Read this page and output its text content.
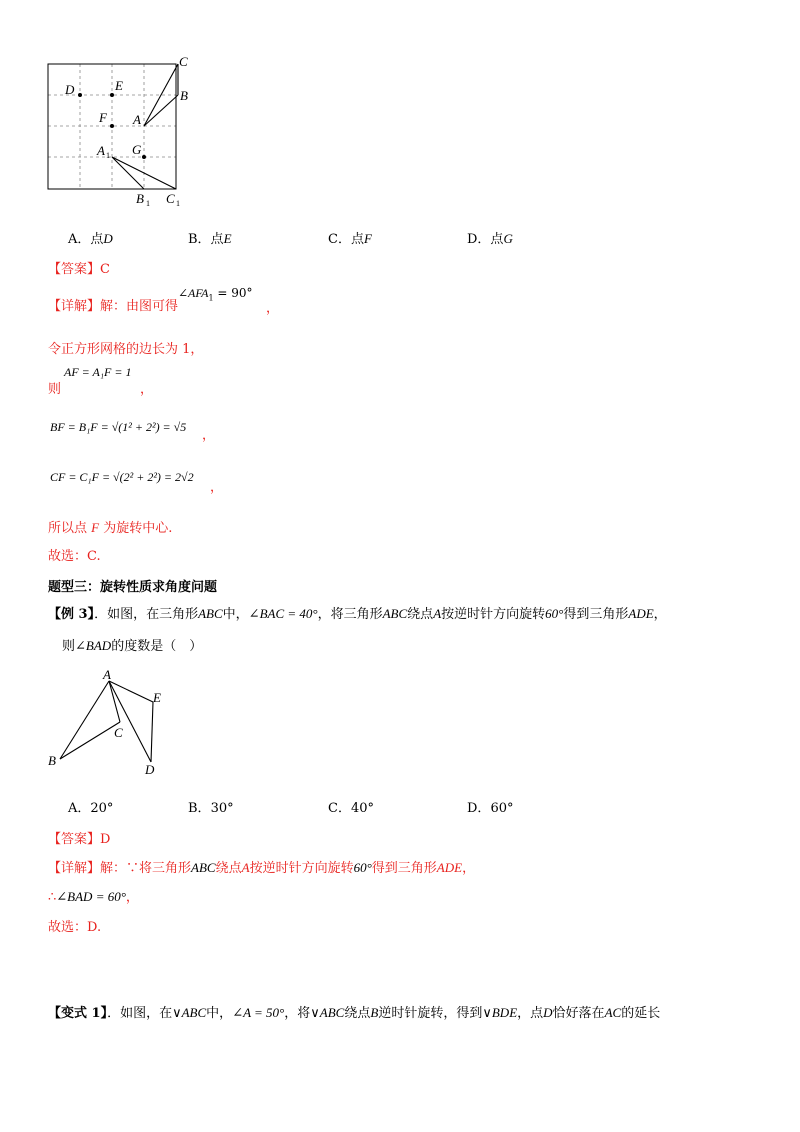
C
B
D	E
F A
A 1 G
B 1 C 1
A．点D	B．点E	C．点F	D．点G
【答案】C
【详解】解：由图可得
$\angle AFA_1 = 90^\circ$
，
令正方形网格的边长为 1，
则
AF = A₁F = 1
，
BF = B₁F = √(1² + 2²) = √5
，
CF = C₁F = √(2² + 2²) = 2√2
，
所以点 F 为旋转中心.
故选：C.
题型三：旋转性质求角度问题
【例 3】．如图，在三角形ABC中，∠BAC = 40°，将三角形ABC绕点A按逆时针方向旋转60°得到三角形ADE，
则∠BAD的度数是（　）
A
E
C
B
D
A．20°	B．30°	C．40°	D．60°
【答案】D
【详解】解：∵将三角形ABC绕点A按逆时针方向旋转60°得到三角形ADE，
∴∠BAD = 60°，
故选：D.
【变式 1】．如图，在∨ABC中，∠A = 50°，将∨ABC绕点B逆时针旋转，得到∨BDE，点D恰好落在AC的延长
